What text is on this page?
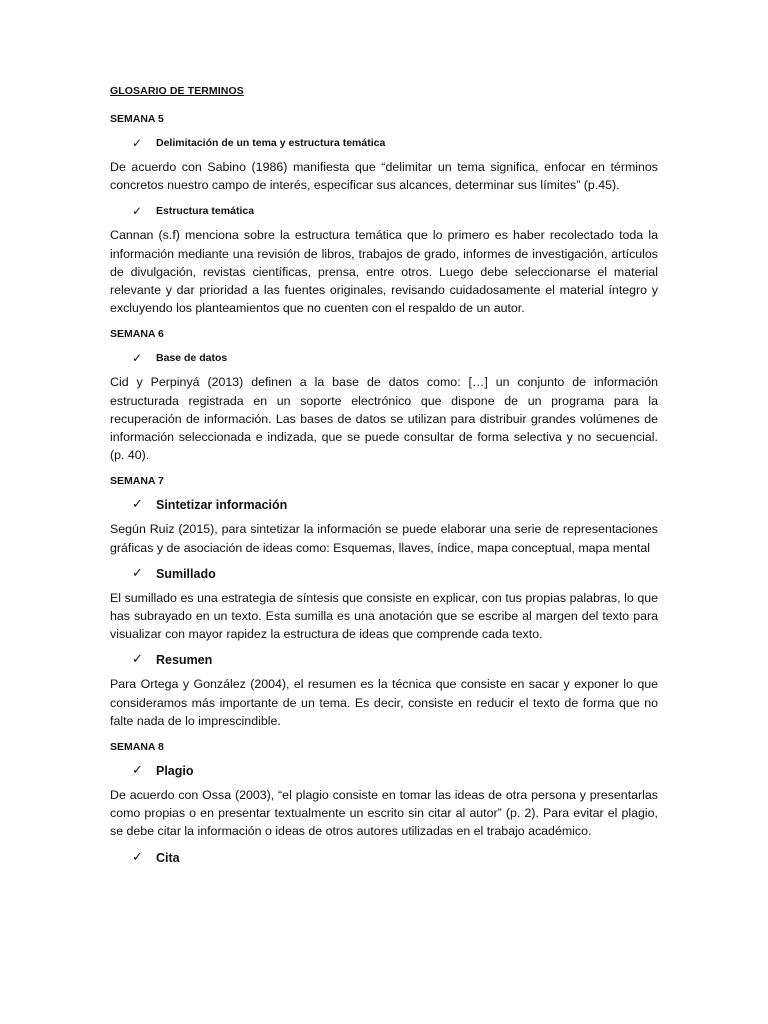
GLOSARIO DE TERMINOS
SEMANA 5
✓	Delimitación de un tema y estructura temática

De acuerdo con Sabino (1986) manifiesta que “delimitar un tema significa, enfocar en términos concretos nuestro campo de interés, especificar sus alcances, determinar sus límites” (p.45).

✓	Estructura temática

Cannan (s.f) menciona sobre la estructura temática que lo primero es haber recolectado toda la información mediante una revisión de libros, trabajos de grado, informes de investigación, artículos de divulgación, revistas científicas, prensa, entre otros. Luego debe seleccionarse el material relevante y dar prioridad a las fuentes originales, revisando cuidadosamente el material íntegro y excluyendo los planteamientos que no cuenten con el respaldo de un autor.

SEMANA 6
✓	Base de datos

Cid y Perpinyá (2013) definen a la base de datos como: […] un conjunto de información estructurada registrada en un soporte electrónico que dispone de un programa para la recuperación de información. Las bases de datos se utilizan para distribuir grandes volúmenes de información seleccionada e indizada, que se puede consultar de forma selectiva y no secuencial. (p. 40).

SEMANA 7
✓ Sintetizar información

Según Ruiz (2015), para sintetizar la información se puede elaborar una serie de representaciones gráficas y de asociación de ideas como: Esquemas, llaves, índice, mapa conceptual, mapa mental

✓ Sumillado

El sumillado es una estrategia de síntesis que consiste en explicar, con tus propias palabras, lo que has subrayado en un texto. Esta sumilla es una anotación que se escribe al margen del texto para visualizar con mayor rapidez la estructura de ideas que comprende cada texto.

✓ Resumen

Para Ortega y González (2004), el resumen es la técnica que consiste en sacar y exponer lo que consideramos más importante de un tema. Es decir, consiste en reducir el texto de forma que no falte nada de lo imprescindible.

SEMANA 8
✓ Plagio

De acuerdo con Ossa (2003), “el plagio consiste en tomar las ideas de otra persona y presentarlas como propias o en presentar textualmente un escrito sin citar al autor” (p. 2). Para evitar el plagio, se debe citar la información o ideas de otros autores utilizadas en el trabajo académico.

✓ Cita
